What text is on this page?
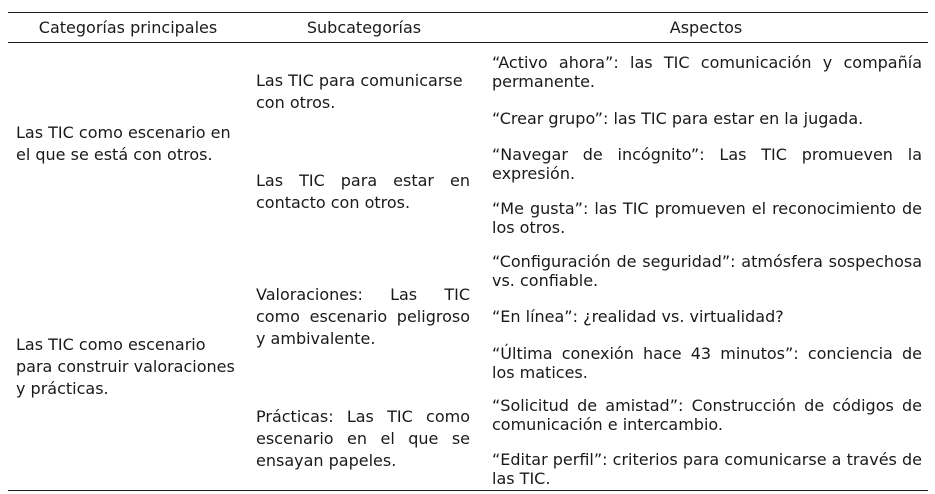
Categorías principales	Subcategorías	Aspectos
Las TIC como escenario en el que se está con otros.
Las TIC como escenario para construir valoraciones y prácticas.
Las TIC para comunicarse con otros.
Las TIC para estar en contacto con otros.
Valoraciones: Las TIC como escenario peligroso y ambivalente.
Prácticas: Las TIC como escenario en el que se ensayan papeles.
“Activo ahora”: las TIC comunicación y compañía permanente.
“Crear grupo”: las TIC para estar en la jugada.
“Navegar de incógnito”: Las TIC promueven la expresión.
“Me gusta”: las TIC promueven el reconocimiento de los otros.
“Configuración de seguridad”: atmósfera sospechosa vs. confiable.
“En línea”: ¿realidad vs. virtualidad?
“Última conexión hace 43 minutos”: conciencia de los matices.
“Solicitud de amistad”: Construcción de códigos de comunicación e intercambio.
“Editar perfil”: criterios para comunicarse a través de las TIC.
